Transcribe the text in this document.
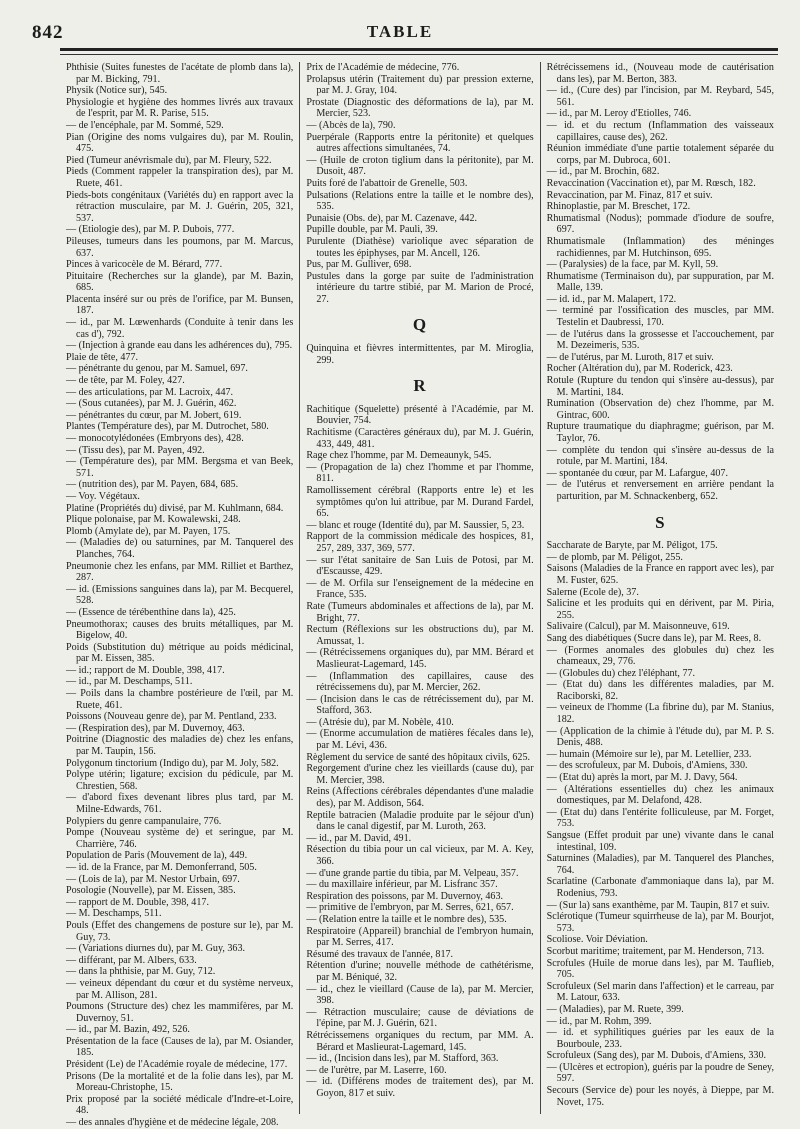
842	TABLE

Phthisie (Suites funestes de l'acétate de plomb dans la), par M. Bicking, 791.

Physik (Notice sur), 545.

Physiologie et hygiène des hommes livrés aux travaux de l'esprit, par M. R. Parise, 515.

— de l'encéphale, par M. Sommé, 529.

Pian (Origine des noms vulgaires du), par M. Roulin, 475.

Pied (Tumeur anévrismale du), par M. Fleury, 522.

Pieds (Comment rappeler la transpiration des), par M. Ruete, 461.

Pieds-bots congénitaux (Variétés du) en rapport avec la rétraction musculaire, par M. J. Guérin, 205, 321, 537.

— (Etiologie des), par M. P. Dubois, 777.

Pileuses, tumeurs dans les poumons, par M. Marcus, 637.

Pinces à varicocèle de M. Bérard, 777.

Pituitaire (Recherches sur la glande), par M. Bazin, 685.

Placenta inséré sur ou près de l'orifice, par M. Bunsen, 187.

— id., par M. Lœwenhards (Conduite à tenir dans les cas d'), 792.

— (Injection à grande eau dans les adhérences du), 795.

Plaie de tête, 477.

— pénétrante du genou, par M. Samuel, 697.

— de tête, par M. Foley, 427.

— des articulations, par M. Lacroix, 447.

— (Sous cutanées), par M. J. Guérin, 462.

— pénétrantes du cœur, par M. Jobert, 619.

Plantes (Température des), par M. Dutrochet, 580.

— monocotylédonées (Embryons des), 428.

— (Tissu des), par M. Payen, 492.

— (Température des), par MM. Bergsma et van Beek, 571.

— (nutrition des), par M. Payen, 684, 685.

— Voy. Végétaux.

Platine (Propriétés du) divisé, par M. Kuhlmann, 684.

Plique polonaise, par M. Kowalewski, 248.

Plomb (Amylate de), par M. Payen, 175.

— (Maladies de) ou saturnines, par M. Tanquerel des Planches, 764.

Pneumonie chez les enfans, par MM. Rilliet et Barthez, 287.

— id. (Emissions sanguines dans la), par M. Becquerel, 528.

— (Essence de térébenthine dans la), 425.

Pneumothorax; causes des bruits métalliques, par M. Bigelow, 40.

Poids (Substitution du) métrique au poids médicinal, par M. Eissen, 385.

— id.; rapport de M. Double, 398, 417.

— id., par M. Deschamps, 511.

— Poils dans la chambre postérieure de l'œil, par M. Ruete, 461.

Poissons (Nouveau genre de), par M. Pentland, 233.

— (Respiration des), par M. Duvernoy, 463.

Poitrine (Diagnostic des maladies de) chez les enfans, par M. Taupin, 156.

Polygonum tinctorium (Indigo du), par M. Joly, 582.

Polype utérin; ligature; excision du pédicule, par M. Chrestien, 568.

— d'abord fixes devenant libres plus tard, par M. Milne-Edwards, 761.

Polypiers du genre campanulaire, 776.

Pompe (Nouveau système de) et seringue, par M. Charrière, 746.

Population de Paris (Mouvement de la), 449.

— id. de la France, par M. Demonferrand, 505.

— (Lois de la), par M. Nestor Urbain, 697.

Posologie (Nouvelle), par M. Eissen, 385.

— rapport de M. Double, 398, 417.

— M. Deschamps, 511.

Pouls (Effet des changemens de posture sur le), par M. Guy, 73.

— (Variations diurnes du), par M. Guy, 363.

— différant, par M. Albers, 633.

— dans la phthisie, par M. Guy, 712.

— veineux dépendant du cœur et du système nerveux, par M. Allison, 281.

Poumons (Structure des) chez les mammifères, par M. Duvernoy, 51.

— id., par M. Bazin, 492, 526.

Présentation de la face (Causes de la), par M. Osiander, 185.

Président (Le) de l'Académie royale de médecine, 177.

Prisons (De la mortalité et de la folie dans les), par M. Moreau-Christophe, 15.

Prix proposé par la société médicale d'Indre-et-Loire, 48.

— des annales d'hygiène et de médecine légale, 208.

Prix de l'Académie de médecine, 776.

Prolapsus utérin (Traitement du) par pression externe, par M. J. Gray, 104.

Prostate (Diagnostic des déformations de la), par M. Mercier, 523.

— (Abcès de la), 790.

Puerpérale (Rapports entre la péritonite) et quelques autres affections simultanées, 74.

— (Huile de croton tiglium dans la péritonite), par M. Dusoit, 487.

Puits foré de l'abattoir de Grenelle, 503.

Pulsations (Relations entre la taille et le nombre des), 535.

Punaisie (Obs. de), par M. Cazenave, 442.

Pupille double, par M. Pauli, 39.

Purulente (Diathèse) variolique avec séparation de toutes les épiphyses, par M. Ancell, 126.

Pus, par M. Gulliver, 698.

Pustules dans la gorge par suite de l'administration intérieure du tartre stibié, par M. Marion de Procé, 27.

Q

Quinquina et fièvres intermittentes, par M. Miroglia, 299.

R

Rachitique (Squelette) présenté à l'Académie, par M. Bouvier, 754.

Rachitisme (Caractères généraux du), par M. J. Guérin, 433, 449, 481.

Rage chez l'homme, par M. Demeaunyk, 545.

— (Propagation de la) chez l'homme et par l'homme, 811.

Ramollissement cérébral (Rapports entre le) et les symptômes qu'on lui attribue, par M. Durand Fardel, 65.

— blanc et rouge (Identité du), par M. Saussier, 5, 23.

Rapport de la commission médicale des hospices, 81, 257, 289, 337, 369, 577.

— sur l'état sanitaire de San Luis de Potosi, par M. d'Escausse, 429.

— de M. Orfila sur l'enseignement de la médecine en France, 535.

Rate (Tumeurs abdominales et affections de la), par M. Bright, 77.

Rectum (Réflexions sur les obstructions du), par M. Amussat, 1.

— (Rétrécissemens organiques du), par MM. Bérard et Maslieurat-Lagemard, 145.

— (Inflammation des capillaires, cause des rétrécissemens du), par M. Mercier, 262.

— (Incision dans le cas de rétrécissement du), par M. Stafford, 363.

— (Atrésie du), par M. Nobèle, 410.

— (Enorme accumulation de matières fécales dans le), par M. Lévi, 436.

Règlement du service de santé des hôpitaux civils, 625.

Regorgement d'urine chez les vieillards (cause du), par M. Mercier, 398.

Reins (Affections cérébrales dépendantes d'une maladie des), par M. Addison, 564.

Reptile batracien (Maladie produite par le séjour d'un) dans le canal digestif, par M. Luroth, 263.

— id., par M. David, 491.

Résection du tibia pour un cal vicieux, par M. A. Key, 366.

— d'une grande partie du tibia, par M. Velpeau, 357.

— du maxillaire inférieur, par M. Lisfranc 357.

Respiration des poissons, par M. Duvernoy, 463.

— primitive de l'embryon, par M. Serres, 621, 657.

— (Relation entre la taille et le nombre des), 535.

Respiratoire (Appareil) branchial de l'embryon humain, par M. Serres, 417.

Résumé des travaux de l'année, 817.

Rétention d'urine; nouvelle méthode de cathétérisme, par M. Béniqué, 32.

— id., chez le vieillard (Cause de la), par M. Mercier, 398.

— Rétraction musculaire; cause de déviations de l'épine, par M. J. Guérin, 621.

Rétrécissemens organiques du rectum, par MM. A. Bérard et Maslieurat-Lagemard, 145.

— id., (Incision dans les), par M. Stafford, 363.

— de l'urètre, par M. Laserre, 160.

— id. (Différens modes de traitement des), par M. Goyon, 817 et suiv.

Rétrécissemens id., (Nouveau mode de cautérisation dans les), par M. Berton, 383.

— id., (Cure des) par l'incision, par M. Reybard, 545, 561.

— id., par M. Leroy d'Etiolles, 746.

— id. et du rectum (Inflammation des vaisseaux capillaires, cause des), 262.

Réunion immédiate d'une partie totalement séparée du corps, par M. Dubroca, 601.

— id., par M. Brochin, 682.

Revaccination (Vaccination et), par M. Rœsch, 182.

Revaccination, par M. Finaz, 817 et suiv.

Rhinoplastie, par M. Breschet, 172.

Rhumatismal (Nodus); pommade d'iodure de soufre, 697.

Rhumatismale (Inflammation) des méninges rachidiennes, par M. Hutchinson, 695.

— (Paralysies) de la face, par M. Kyll, 59.

Rhumatisme (Terminaison du), par suppuration, par M. Malle, 139.

— id. id., par M. Malapert, 172.

— terminé par l'ossification des muscles, par MM. Testelin et Daubressi, 170.

— de l'utérus dans la grossesse et l'accouchement, par M. Dezeimeris, 535.

— de l'utérus, par M. Luroth, 817 et suiv.

Rocher (Altération du), par M. Roderick, 423.

Rotule (Rupture du tendon qui s'insère au-dessus), par M. Martini, 184.

Rumination (Observation de) chez l'homme, par M. Gintrac, 600.

Rupture traumatique du diaphragme; guérison, par M. Taylor, 76.

— complète du tendon qui s'insère au-dessus de la rotule, par M. Martini, 184.

— spontanée du cœur, par M. Lafargue, 407.

— de l'utérus et renversement en arrière pendant la parturition, par M. Schnackenberg, 652.

S

Saccharate de Baryte, par M. Péligot, 175.

— de plomb, par M. Péligot, 255.

Saisons (Maladies de la France en rapport avec les), par M. Fuster, 625.

Salerne (Ecole de), 37.

Salicine et les produits qui en dérivent, par M. Piria, 255.

Salivaire (Calcul), par M. Maisonneuve, 619.

Sang des diabétiques (Sucre dans le), par M. Rees, 8.

— (Formes anomales des globules du) chez les chameaux, 29, 776.

— (Globules du) chez l'éléphant, 77.

— (Etat du) dans les différentes maladies, par M. Raciborski, 82.

— veineux de l'homme (La fibrine du), par M. Stanius, 182.

— (Application de la chimie à l'étude du), par M. P. S. Denis, 488.

— humain (Mémoire sur le), par M. Letellier, 233.

— des scrofuleux, par M. Dubois, d'Amiens, 330.

— (Etat du) après la mort, par M. J. Davy, 564.

— (Altérations essentielles du) chez les animaux domestiques, par M. Delafond, 428.

— (Etat du) dans l'entérite folliculeuse, par M. Forget, 753.

Sangsue (Effet produit par une) vivante dans le canal intestinal, 109.

Saturnines (Maladies), par M. Tanquerel des Planches, 764.

Scarlatine (Carbonate d'ammoniaque dans la), par M. Rodenius, 793.

— (Sur la) sans exanthème, par M. Taupin, 817 et suiv.

Sclérotique (Tumeur squirrheuse de la), par M. Bourjot, 573.

Scoliose. Voir Déviation.

Scorbut maritime; traitement, par M. Henderson, 713.

Scrofules (Huile de morue dans les), par M. Tauflieb, 705.

Scrofuleux (Sel marin dans l'affection) et le carreau, par M. Latour, 633.

— (Maladies), par M. Ruete, 399.

— id., par M. Rohm, 399.

— id. et syphilitiques guéries par les eaux de la Bourboule, 233.

Scrofuleux (Sang des), par M. Dubois, d'Amiens, 330.

— (Ulcères et ectropion), guéris par la poudre de Seney, 597.

Secours (Service de) pour les noyés, à Dieppe, par M. Novet, 175.
